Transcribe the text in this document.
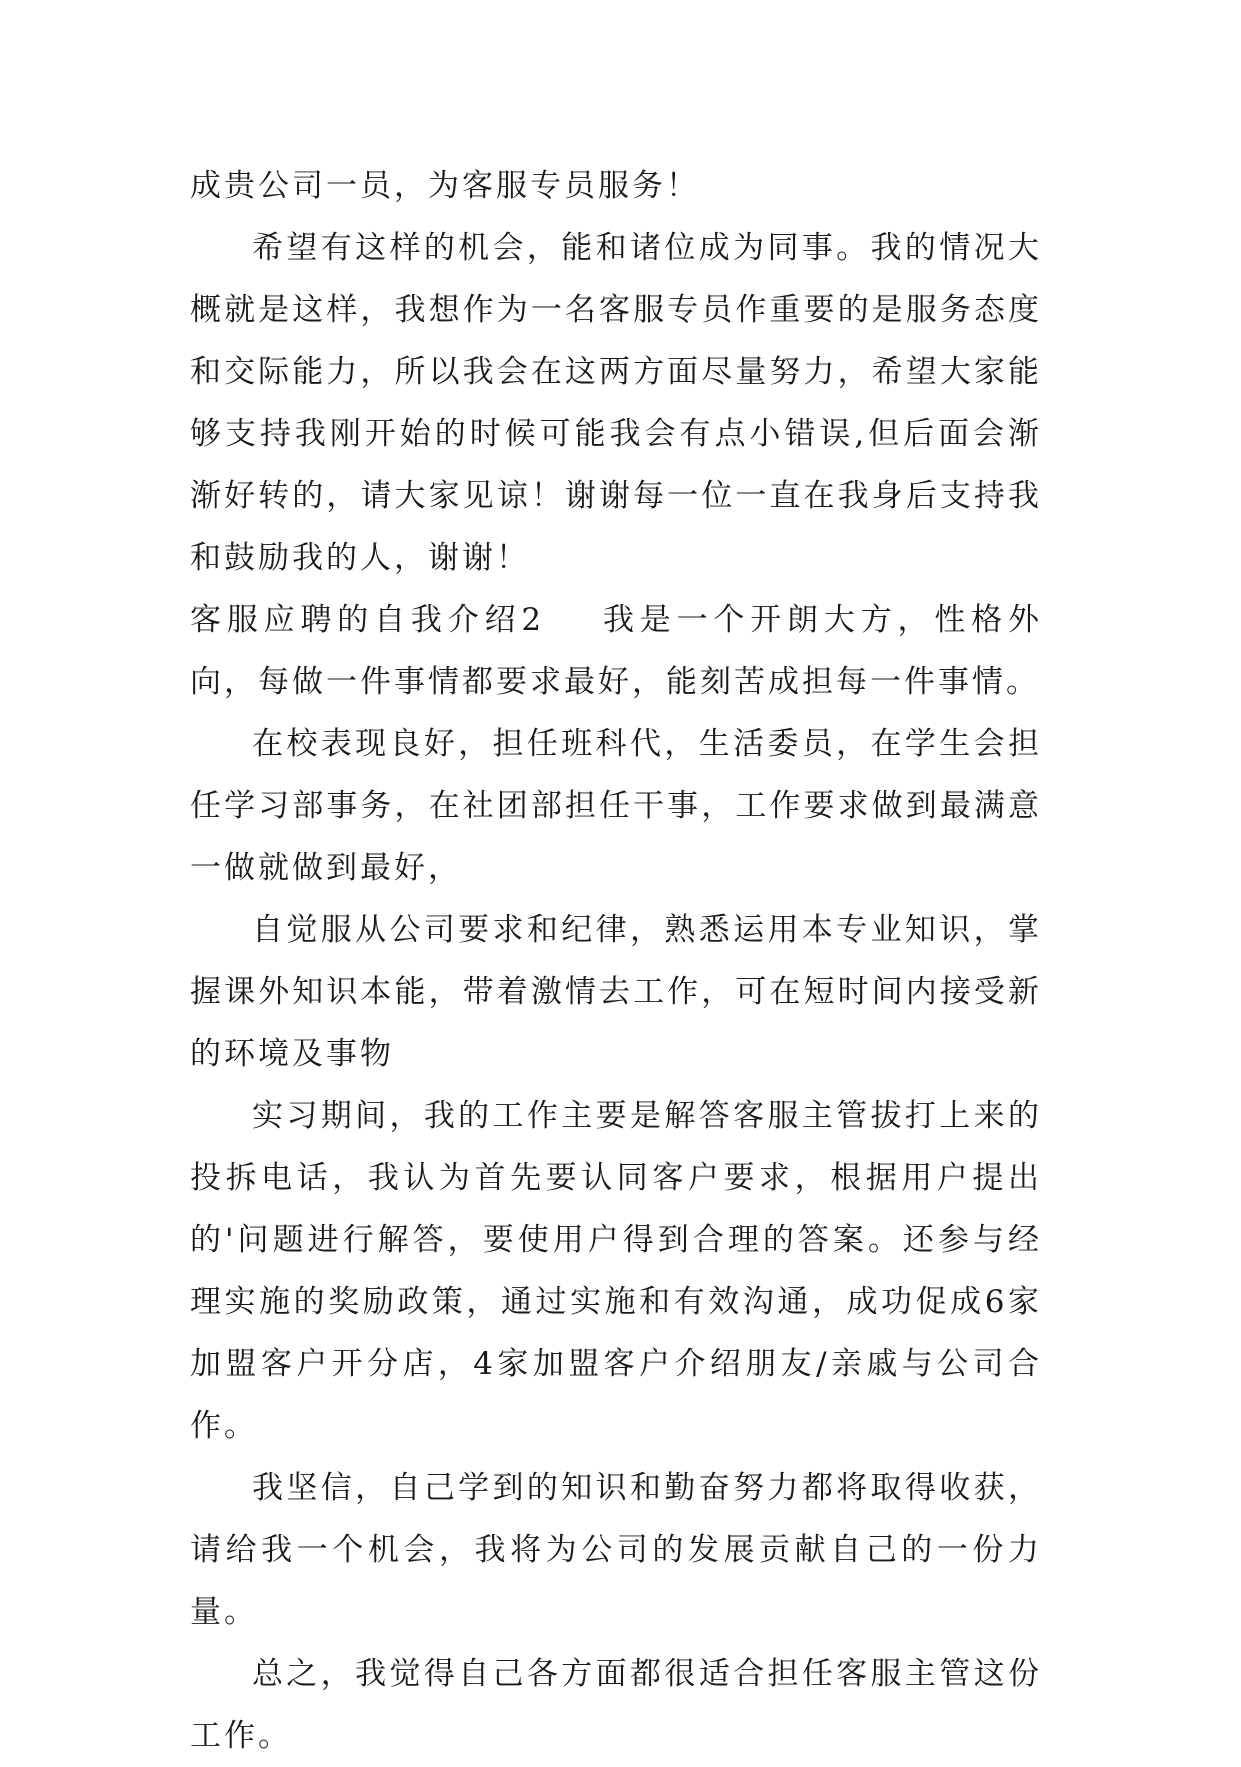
成贵公司一员，为客服专员服务！

希望有这样的机会，能和诸位成为同事。我的情况大概就是这样，我想作为一名客服专员作重要的是服务态度和交际能力，所以我会在这两方面尽量努力，希望大家能够支持我刚开始的时候可能我会有点小错误,但后面会渐渐好转的，请大家见谅！谢谢每一位一直在我身后支持我和鼓励我的人，谢谢！

客服应聘的自我介绍2 我是一个开朗大方，性格外向，每做一件事情都要求最好，能刻苦成担每一件事情。

在校表现良好，担任班科代，生活委员，在学生会担任学习部事务，在社团部担任干事，工作要求做到最满意一做就做到最好，

自觉服从公司要求和纪律，熟悉运用本专业知识，掌握课外知识本能，带着激情去工作，可在短时间内接受新的环境及事物

实习期间，我的工作主要是解答客服主管拔打上来的投拆电话，我认为首先要认同客户要求，根据用户提出的'问题进行解答，要使用户得到合理的答案。还参与经理实施的奖励政策，通过实施和有效沟通，成功促成6家加盟客户开分店，4家加盟客户介绍朋友/亲戚与公司合作。

我坚信，自己学到的知识和勤奋努力都将取得收获，请给我一个机会，我将为公司的发展贡献自己的一份力量。

总之，我觉得自己各方面都很适合担任客服主管这份工作。
